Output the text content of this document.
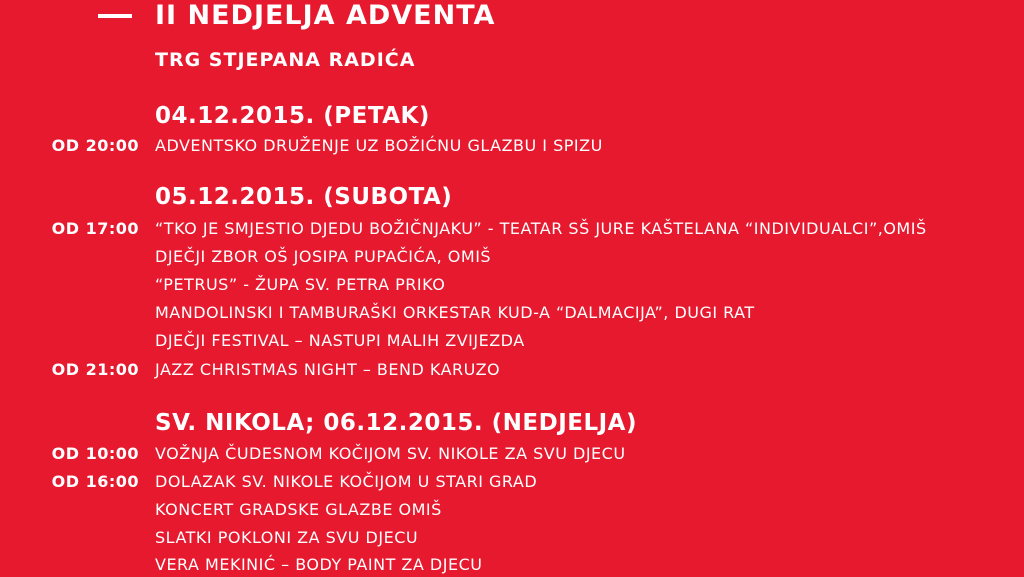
II NEDJELJA ADVENTA
TRG STJEPANA RADIĆA
04.12.2015. (PETAK)
OD 20:00 ADVENTSKO DRUŽENJE UZ BOŽIĆNU GLAZBU I SPIZU
05.12.2015. (SUBOTA)
OD 17:00 “TKO JE SMJESTIO DJEDU BOŽIČNJAKU” - TEATAR SŠ JURE KAŠTELANA “INDIVIDUALCI”,OMIŠ
DJEČJI ZBOR OŠ JOSIPA PUPAČIĆA, OMIŠ
“PETRUS” - ŽUPA SV. PETRA PRIKO
MANDOLINSKI I TAMBURAŠKI ORKESTAR KUD-A “DALMACIJA”, DUGI RAT
DJEČJI FESTIVAL – NASTUPI MALIH ZVIJEZDA
OD 21:00 JAZZ CHRISTMAS NIGHT – BEND KARUZO
SV. NIKOLA; 06.12.2015. (NEDJELJA)
OD 10:00 VOŽNJA ČUDESNOM KOČIJOM SV. NIKOLE ZA SVU DJECU
OD 16:00 DOLAZAK SV. NIKOLE KOČIJOM U STARI GRAD
KONCERT GRADSKE GLAZBE OMIŠ
SLATKI POKLONI ZA SVU DJECU
VERA MEKINIĆ – BODY PAINT ZA DJECU
